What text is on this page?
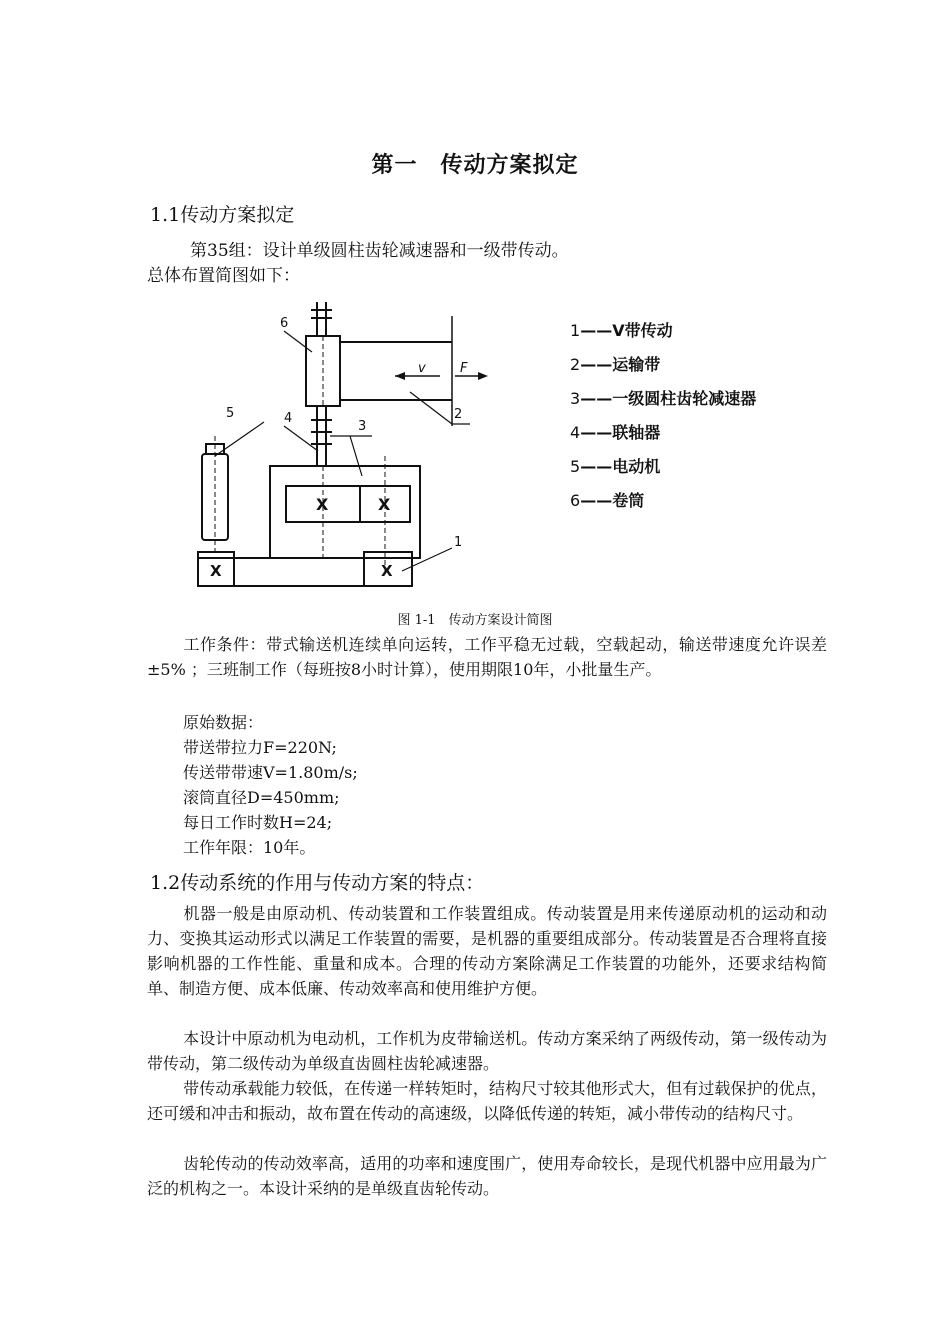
第一　传动方案拟定
1.1传动方案拟定
第35组：设计单级圆柱齿轮减速器和一级带传动。
总体布置简图如下：
v	F
2
6
4
X	X
3
5
X	X
1
1——V带传动
2——运输带
3——一级圆柱齿轮减速器
4——联轴器
5——电动机
6——卷筒
图 1-1　传动方案设计简图
工作条件：带式输送机连续单向运转，工作平稳无过载，空载起动，输送带速度允许误差±5% ；三班制工作（每班按8小时计算），使用期限10年，小批量生产。
原始数据：
带送带拉力F=220N;
传送带带速V=1.80m/s;
滚筒直径D=450mm;
每日工作时数H=24;
工作年限：10年。
1.2传动系统的作用与传动方案的特点：
机器一般是由原动机、传动装置和工作装置组成。传动装置是用来传递原动机的运动和动力、变换其运动形式以满足工作装置的需要，是机器的重要组成部分。传动装置是否合理将直接影响机器的工作性能、重量和成本。合理的传动方案除满足工作装置的功能外，还要求结构简单、制造方便、成本低廉、传动效率高和使用维护方便。
本设计中原动机为电动机，工作机为皮带输送机。传动方案采纳了两级传动，第一级传动为带传动，第二级传动为单级直齿圆柱齿轮减速器。
带传动承载能力较低，在传递一样转矩时，结构尺寸较其他形式大，但有过载保护的优点，还可缓和冲击和振动，故布置在传动的高速级，以降低传递的转矩，减小带传动的结构尺寸。
齿轮传动的传动效率高，适用的功率和速度围广，使用寿命较长，是现代机器中应用最为广泛的机构之一。本设计采纳的是单级直齿轮传动。
